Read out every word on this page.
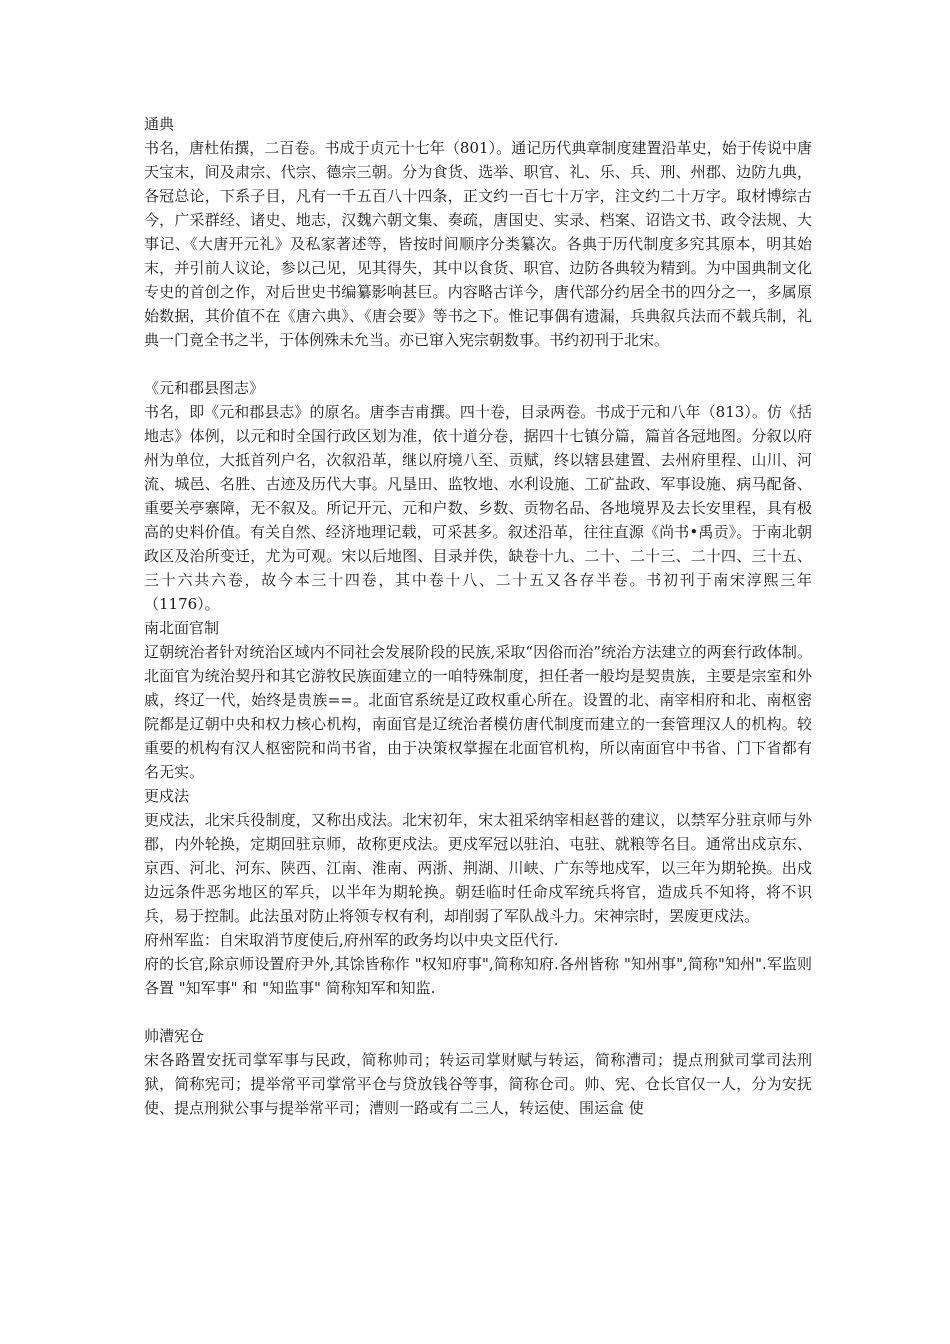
通典

书名，唐杜佑撰，二百卷。书成于贞元十七年（801）。通记历代典章制度建置沿革史，始于传说中唐天宝末，间及肃宗、代宗、德宗三朝。分为食货、选举、职官、礼、乐、兵、刑、州郡、边防九典，各冠总论，下系子目，凡有一千五百八十四条，正文约一百七十万字，注文约二十万字。取材博综古今，广采群经、诸史、地志，汉魏六朝文集、奏疏，唐国史、实录、档案、诏诰文书、政令法规、大事记、《大唐开元礼》及私家著述等，皆按时间顺序分类纂次。各典于历代制度多究其原本，明其始末，并引前人议论，参以己见，见其得失，其中以食货、职官、边防各典较为精到。为中国典制文化专史的首创之作，对后世史书编纂影响甚巨。内容略古详今，唐代部分约居全书的四分之一，多属原始数据，其价值不在《唐六典》、《唐会要》等书之下。惟记事偶有遗漏，兵典叙兵法而不载兵制，礼典一门竟全书之半，于体例殊未允当。亦已窜入宪宗朝数事。书约初刊于北宋。

《元和郡县图志》

书名，即《元和郡县志》的原名。唐李吉甫撰。四十卷，目录两卷。书成于元和八年（813）。仿《括地志》体例，以元和时全国行政区划为准，依十道分卷，据四十七镇分篇，篇首各冠地图。分叙以府州为单位，大抵首列户名，次叙沿革，继以府境八至、贡赋，终以辖县建置、去州府里程、山川、河流、城邑、名胜、古迹及历代大事。凡垦田、监牧地、水利设施、工矿盐政、军事设施、病马配备、重要关亭寨障，无不叙及。所记开元、元和户数、乡数、贡物名品、各地境界及去长安里程，具有极高的史料价值。有关自然、经济地理记载，可采甚多。叙述沿革，往往直源《尚书•禹贡》。于南北朝政区及治所变迁，尤为可观。宋以后地图、目录并佚，缺卷十九、二十、二十三、二十四、三十五、三十六共六卷，故今本三十四卷，其中卷十八、二十五又各存半卷。书初刊于南宋淳熙三年（1176）。

南北面官制

辽朝统治者针对统治区域内不同社会发展阶段的民族,采取“因俗而治”统治方法建立的两套行政体制。北面官为统治契丹和其它游牧民族面建立的一咱特殊制度，担任者一般均是契贵族，主要是宗室和外戚，终辽一代，始终是贵族==。北面官系统是辽政权重心所在。设置的北、南宰相府和北、南枢密院都是辽朝中央和权力核心机构，南面官是辽统治者模仿唐代制度而建立的一套管理汉人的机构。较重要的机构有汉人枢密院和尚书省，由于决策权掌握在北面官机构，所以南面官中书省、门下省都有名无实。

更戍法

更戍法，北宋兵役制度，又称出戍法。北宋初年，宋太祖采纳宰相赵普的建议，以禁军分驻京师与外郡，内外轮换，定期回驻京师，故称更戍法。更戍军冠以驻泊、屯驻、就粮等名目。通常出戍京东、京西、河北、河东、陕西、江南、淮南、两浙、荆湖、川峡、广东等地戍军，以三年为期轮换。出戍边远条件恶劣地区的军兵，以半年为期轮换。朝廷临时任命戍军统兵将官，造成兵不知将，将不识兵，易于控制。此法虽对防止将领专权有利，却削弱了军队战斗力。宋神宗时，罢废更戍法。

府州军监：自宋取消节度使后,府州军的政务均以中央文臣代行.

府的长官,除京师设置府尹外,其馀皆称作 "权知府事",简称知府.各州皆称 "知州事",简称"知州".军监则各置 "知军事" 和 "知监事" 简称知军和知监.

帅漕宪仓

宋各路置安抚司掌军事与民政，简称帅司；转运司掌财赋与转运，简称漕司；提点刑狱司掌司法刑狱，简称宪司；提举常平司掌常平仓与贷放钱谷等事，简称仓司。帅、宪、仓长官仅一人，分为安抚使、提点刑狱公事与提举常平司；漕则一路或有二三人，转运使、围运盒 使
